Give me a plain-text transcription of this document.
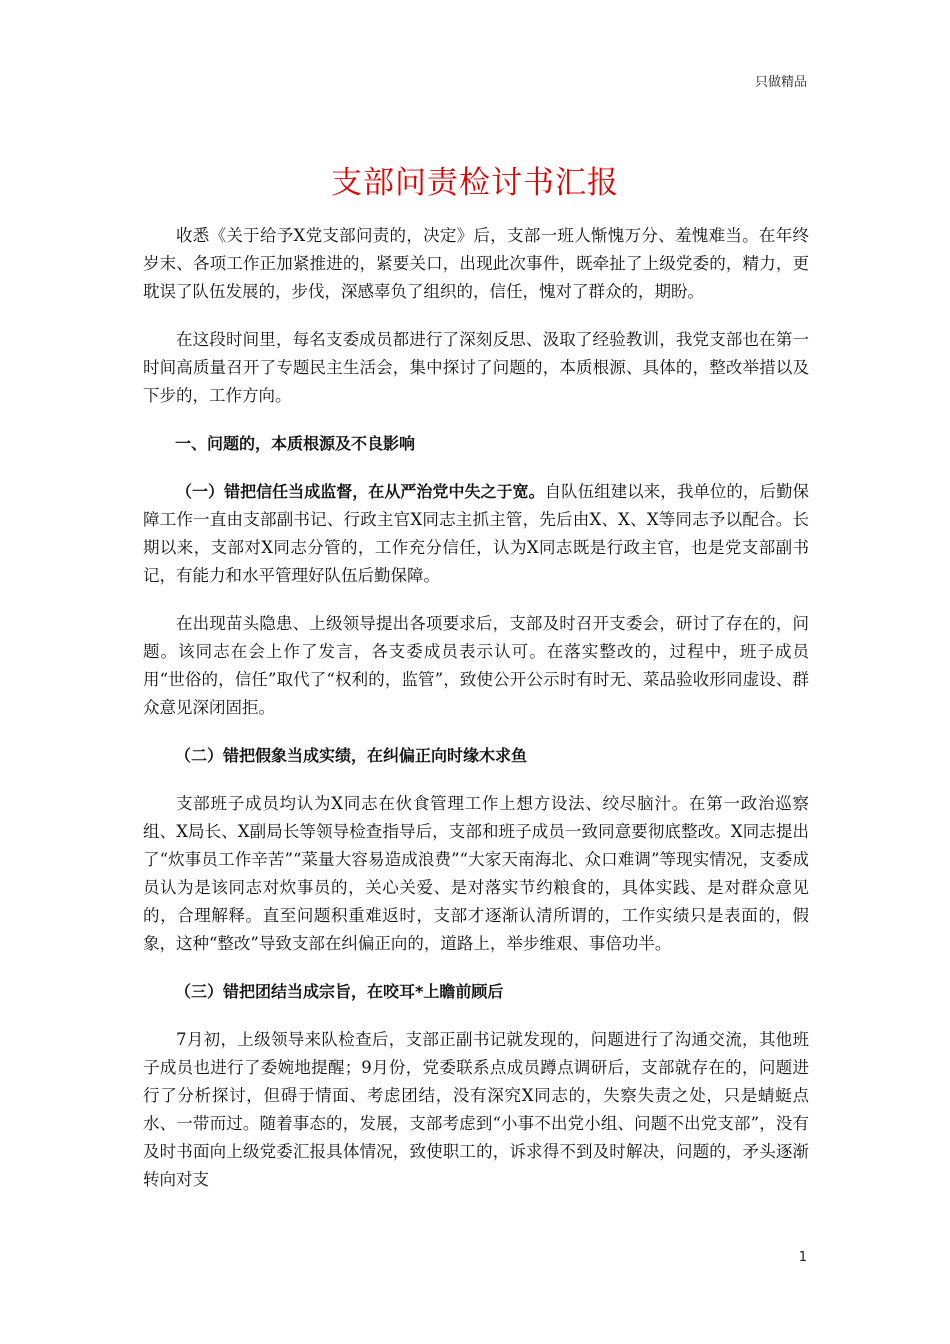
只做精品
支部问责检讨书汇报

收悉《关于给予X党支部问责的，决定》后，支部一班人惭愧万分、羞愧难当。在年终岁末、各项工作正加紧推进的，紧要关口，出现此次事件，既牵扯了上级党委的，精力，更耽误了队伍发展的，步伐，深感辜负了组织的，信任，愧对了群众的，期盼。

在这段时间里，每名支委成员都进行了深刻反思、汲取了经验教训，我党支部也在第一时间高质量召开了专题民主生活会，集中探讨了问题的，本质根源、具体的，整改举措以及下步的，工作方向。

一、问题的，本质根源及不良影响

（一）错把信任当成监督，在从严治党中失之于宽。自队伍组建以来，我单位的，后勤保障工作一直由支部副书记、行政主官X同志主抓主管，先后由X、X、X等同志予以配合。长期以来，支部对X同志分管的，工作充分信任，认为X同志既是行政主官，也是党支部副书记，有能力和水平管理好队伍后勤保障。

在出现苗头隐患、上级领导提出各项要求后，支部及时召开支委会，研讨了存在的，问题。该同志在会上作了发言，各支委成员表示认可。在落实整改的，过程中，班子成员用“世俗的，信任”取代了“权利的，监管”，致使公开公示时有时无、菜品验收形同虚设、群众意见深闭固拒。

（二）错把假象当成实绩，在纠偏正向时缘木求鱼

支部班子成员均认为X同志在伙食管理工作上想方设法、绞尽脑汁。在第一政治巡察组、X局长、X副局长等领导检查指导后，支部和班子成员一致同意要彻底整改。X同志提出了“炊事员工作辛苦”“菜量大容易造成浪费”“大家天南海北、众口难调”等现实情况，支委成员认为是该同志对炊事员的，关心关爱、是对落实节约粮食的，具体实践、是对群众意见的，合理解释。直至问题积重难返时，支部才逐渐认清所谓的，工作实绩只是表面的，假象，这种“整改”导致支部在纠偏正向的，道路上，举步维艰、事倍功半。

（三）错把团结当成宗旨，在咬耳*上瞻前顾后

7月初，上级领导来队检查后，支部正副书记就发现的，问题进行了沟通交流，其他班子成员也进行了委婉地提醒；9月份，党委联系点成员蹲点调研后，支部就存在的，问题进行了分析探讨，但碍于情面、考虑团结，没有深究X同志的，失察失责之处，只是蜻蜓点水、一带而过。随着事态的，发展，支部考虑到“小事不出党小组、问题不出党支部”，没有及时书面向上级党委汇报具体情况，致使职工的，诉求得不到及时解决，问题的，矛头逐渐转向对支

1
